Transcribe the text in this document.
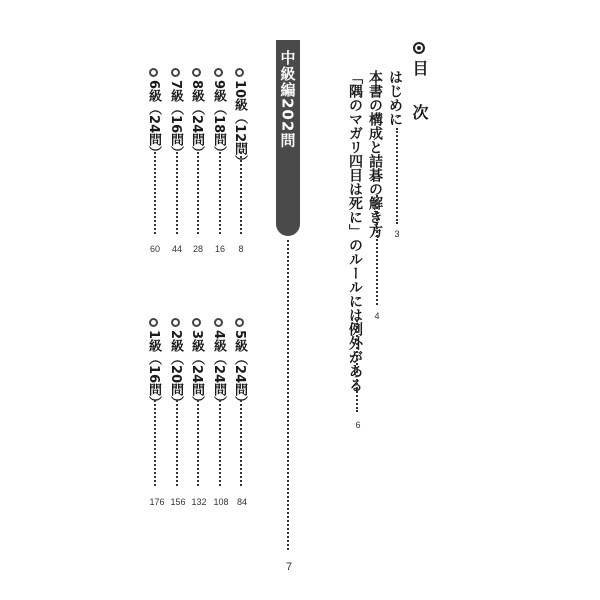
目　次
はじめに
3
本書の構成と詰碁の解き方
4
「隅のマガリ四目は死に」のルールには例外がある
6
中級編202問
7
10級（12問）
8
9級（18問）
16
8級（24問）
28
7級（16問）
44
6級（24問）
60
5級（24問）
84
4級（24問）
108
3級（24問）
132
2級（20問）
156
1級（16問）
176
